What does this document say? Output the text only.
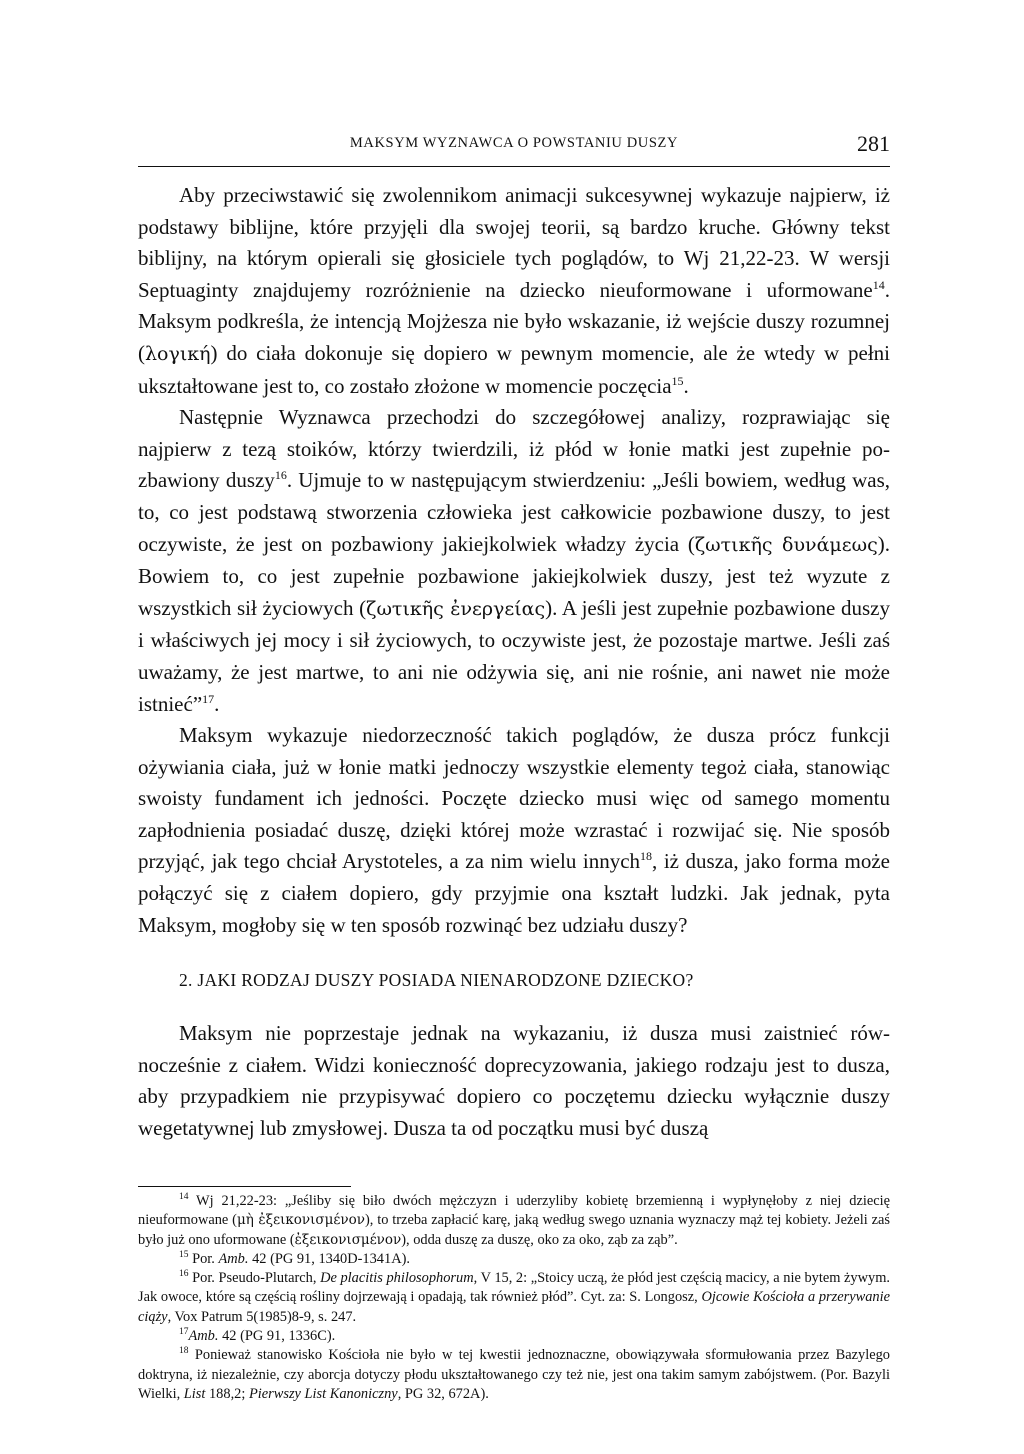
MAKSYM WYZNAWCA O POWSTANIU DUSZY	281

Aby przeciwstawić się zwolennikom animacji sukcesywnej wykazuje najpierw, iż podstawy biblijne, które przyjęli dla swojej teorii, są bardzo kruche. Główny tekst biblijny, na którym opierali się głosiciele tych poglądów, to Wj 21,22-23. W wersji Septuaginty znajdujemy rozróżnienie na dziecko nieuformowane i uformowane$^{14}$. Maksym podkreśla, że intencją Mojżesza nie było wskazanie, iż wejście duszy rozumnej (λογική) do ciała dokonuje się dopiero w pewnym momencie, ale że wtedy w pełni ukształtowane jest to, co zostało złożone w momencie poczęcia$^{15}$.

Następnie Wyznawca przechodzi do szczegółowej analizy, rozprawiając się najpierw z tezą stoików, którzy twierdzili, iż płód w łonie matki jest zupełnie pozbawiony duszy$^{16}$. Ujmuje to w następującym stwierdzeniu: „Jeśli bowiem, według was, to, co jest podstawą stworzenia człowieka jest całkowicie pozbawione duszy, to jest oczywiste, że jest on pozbawiony jakiejkolwiek władzy życia (ζωτικῆς δυνάμεως). Bowiem to, co jest zupełnie pozbawione jakiejkolwiek duszy, jest też wyzute z wszystkich sił życiowych (ζωτικῆς ἐνεργείας). A jeśli jest zupełnie pozbawione duszy i właściwych jej mocy i sił życiowych, to oczywiste jest, że pozostaje martwe. Jeśli zaś uważamy, że jest martwe, to ani nie odżywia się, ani nie rośnie, ani nawet nie może istnieć”$^{17}$.

Maksym wykazuje niedorzeczność takich poglądów, że dusza prócz funkcji ożywiania ciała, już w łonie matki jednoczy wszystkie elementy tegoż ciała, stanowiąc swoisty fundament ich jedności. Poczęte dziecko musi więc od samego momentu zapłodnienia posiadać duszę, dzięki której może wzrastać i rozwijać się. Nie sposób przyjąć, jak tego chciał Arystoteles, a za nim wielu innych$^{18}$, iż dusza, jako forma może połączyć się z ciałem dopiero, gdy przyjmie ona kształt ludzki. Jak jednak, pyta Maksym, mogłoby się w ten sposób rozwinąć bez udziału duszy?

2. JAKI RODZAJ DUSZY POSIADA NIENARODZONE DZIECKO?

Maksym nie poprzestaje jednak na wykazaniu, iż dusza musi zaistnieć równocześnie z ciałem. Widzi konieczność doprecyzowania, jakiego rodzaju jest to dusza, aby przypadkiem nie przypisywać dopiero co poczętemu dziecku wyłącznie duszy wegetatywnej lub zmysłowej. Dusza ta od początku musi być duszą

$^{14}$ Wj 21,22-23: „Jeśliby się biło dwóch mężczyzn i uderzyliby kobietę brzemienną i wypłynęłoby z niej dziecię nieuformowane (μὴ ἐξεικονισμένον), to trzeba zapłacić karę, jaką według swego uznania wyznaczy mąż tej kobiety. Jeżeli zaś było już ono uformowane (ἐξεικονισμένον), odda duszę za duszę, oko za oko, ząb za ząb”.

$^{15}$ Por. Amb. 42 (PG 91, 1340D-1341A).

$^{16}$ Por. Pseudo-Plutarch, De placitis philosophorum, V 15, 2: „Stoicy uczą, że płód jest częścią macicy, a nie bytem żywym. Jak owoce, które są częścią rośliny dojrzewają i opadają, tak również płód”. Cyt. za: S. Longosz, Ojcowie Kościoła a przerywanie ciąży, Vox Patrum 5(1985)8-9, s. 247.

$^{17}$Amb. 42 (PG 91, 1336C).

$^{18}$ Ponieważ stanowisko Kościoła nie było w tej kwestii jednoznaczne, obowiązywała sformułowania przez Bazylego doktryna, iż niezależnie, czy aborcja dotyczy płodu ukształtowanego czy też nie, jest ona takim samym zabójstwem. (Por. Bazyli Wielki, List 188,2; Pierwszy List Kanoniczny, PG 32, 672A).
